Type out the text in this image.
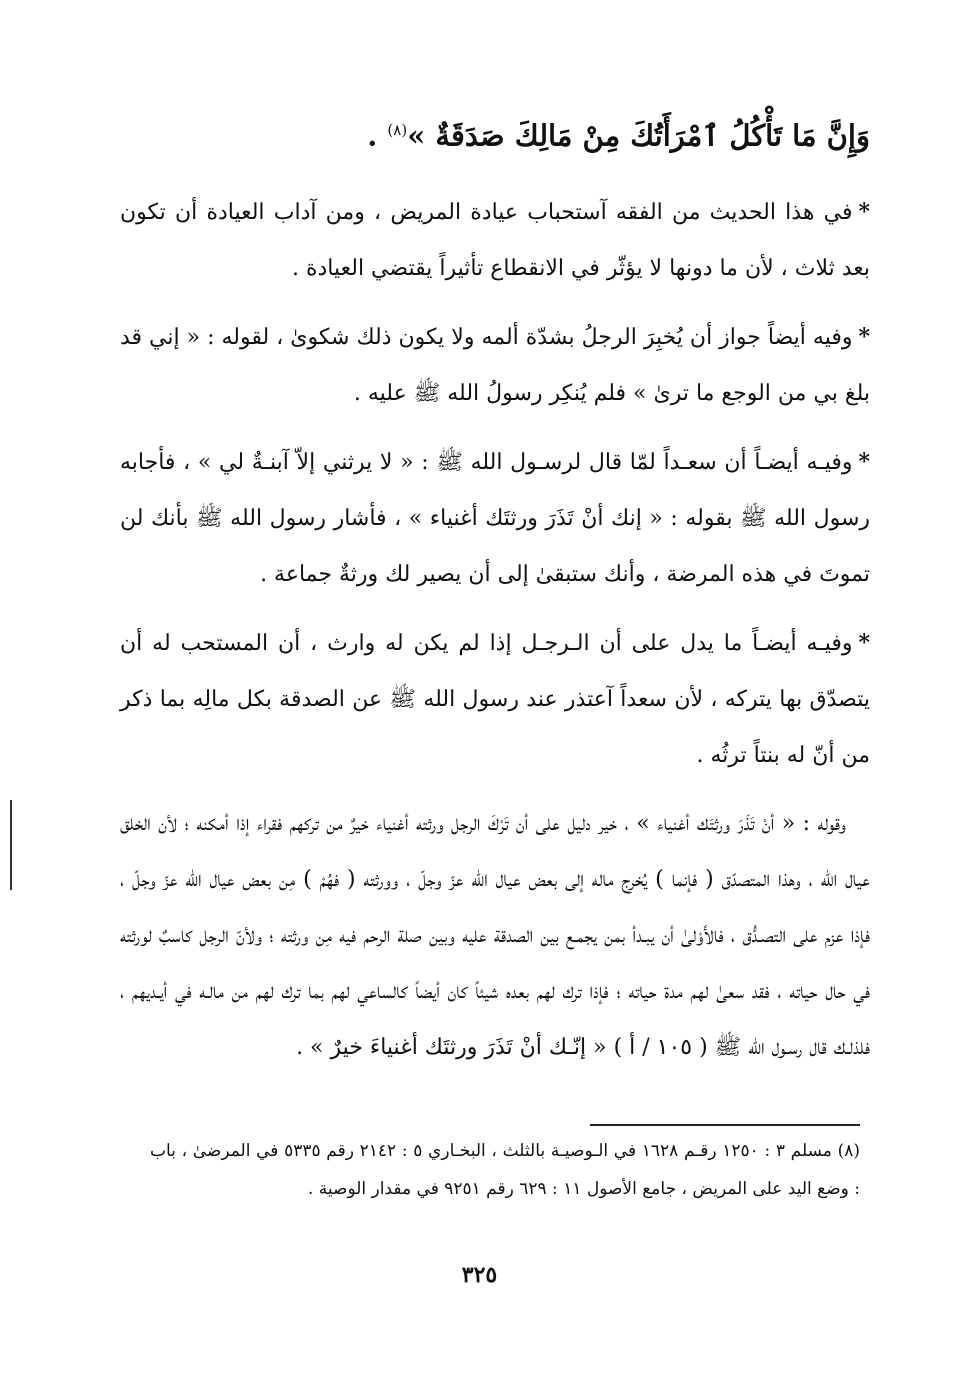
وَإِنَّ مَا تَأْكُلُ ٱمْرَأَتُكَ مِنْ مَالِكَ صَدَقَةٌ »$^{(٨)}$ .

*في هذا الحديث من الفقه آستحباب عيادة المريض ، ومن آداب العيادة أن تكون بعد ثلاث ، لأن ما دونها لا يؤثّر في الانقطاع تأثيراً يقتضي العيادة .

*وفيه أيضاً جواز أن يُخبِرَ الرجلُ بشدّة ألمه ولا يكون ذلك شكوىٰ ، لقوله : « إني قد بلغ بي من الوجع ما ترىٰ » فلم يُنكِر رسولُ الله ﷺ عليه .

*وفيـه أيضـاً أن سعـداً لمّا قال لرسـول الله ﷺ : « لا يرثني إلاّ آبنـةٌ لي » ، فأجابه رسول الله ﷺ بقوله : « إنك أنْ تَذَرَ ورثتَك أغنياء » ، فأشار رسول الله ﷺ بأنك لن تموتَ في هذه المرضة ، وأنك ستبقىٰ إلى أن يصير لك ورثةٌ جماعة .

*وفيـه أيضـاً ما يدل على أن الـرجـل إذا لم يكن له وارث ، أن المستحب له أن يتصدّق بها يتركه ، لأن سعداً آعتذر عند رسول الله ﷺ عن الصدقة بكل مالِه بما ذكر من أنّ له بنتاً ترثُه .

وقوله : « أنْ تَذَرَ ورثتَك أغنياء » ، خير دليل على أن تَرْكَ الرجل ورثته أغنياء خيرٌ من تركهم فقراء إذا أمكنه ؛ لأن الخلق عيال الله ، وهذا المتصدّق ( فإنما ) يُخرِج ماله إلى بعض عيال الله عزّ وجلّ ، وورثته ( فهُمْ ) مِن بعض عيال الله عزّ وجلّ ، فإذا عزم على التصـدُّق ، فالأَوْلىٰ أن يبـدأ بمن يجمـع بين الصدقة عليه وبين صلة الرحم فيه مِن ورثته ؛ ولأنّ الرجل كاسبٌ لورثته في حال حياته ، فقد سعىٰ لهم مدة حياته ؛ فإذا ترك لهم بعده شيئاً كان أيضاً كالساعي لهم بما ترك لهم من مالـه في أيـديهم ، فلذلـك قال رسـول الله ﷺ ( ١٠٥ / أ ) « إنّـك أنْ تَذَرَ ورثتَك أغنياءَ خيرٌ » .

(٨) مسلم ٣ : ١٢٥٠ رقـم ١٦٢٨ في الـوصيـة بالثلث ، البخـاري ٥ : ٢١٤٢ رقم ٥٣٣٥ في المرضىٰ ، باب : وضع اليد على المريض ، جامع الأصول ١١ : ٦٢٩ رقم ٩٢٥١ في مقدار الوصية .

٣٢٥
